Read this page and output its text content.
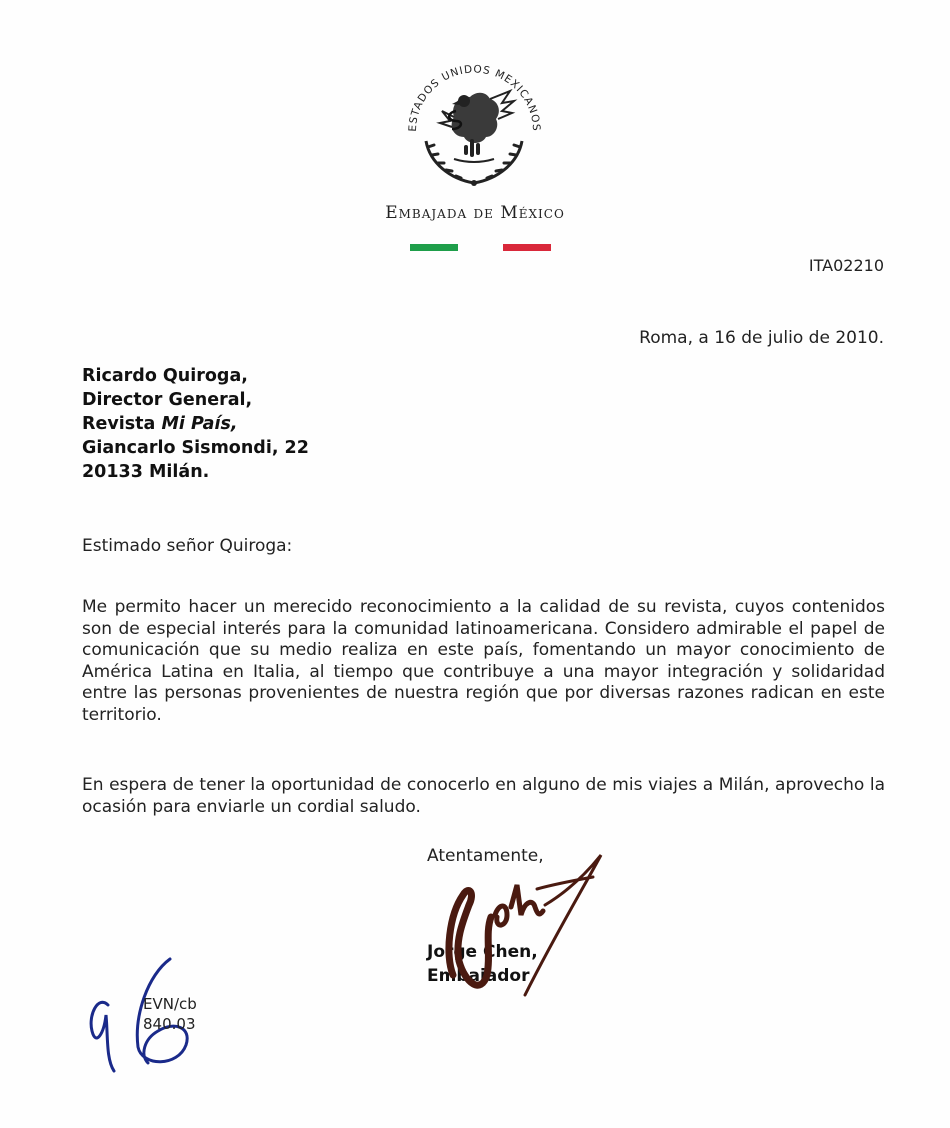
ESTADOS UNIDOS MEXICANOS
Embajada de México
ITA02210
Roma, a 16 de julio de 2010.
Ricardo Quiroga,
Director General,
Revista Mi País,
Giancarlo Sismondi, 22
20133 Milán.
Estimado señor Quiroga:
Me permito hacer un merecido reconocimiento a la calidad de su revista, cuyos contenidos son de especial interés para la comunidad latinoamericana. Considero admirable el papel de comunicación que su medio realiza en este país, fomentando un mayor conocimiento de América Latina en Italia, al tiempo que contribuye a una mayor integración y solidaridad entre las personas provenientes de nuestra región que por diversas razones radican en este territorio.
En espera de tener la oportunidad de conocerlo en alguno de mis viajes a Milán, aprovecho la ocasión para enviarle un cordial saludo.
Atentamente,
Jorge Chen,
Embajador
EVN/cb
840.03
